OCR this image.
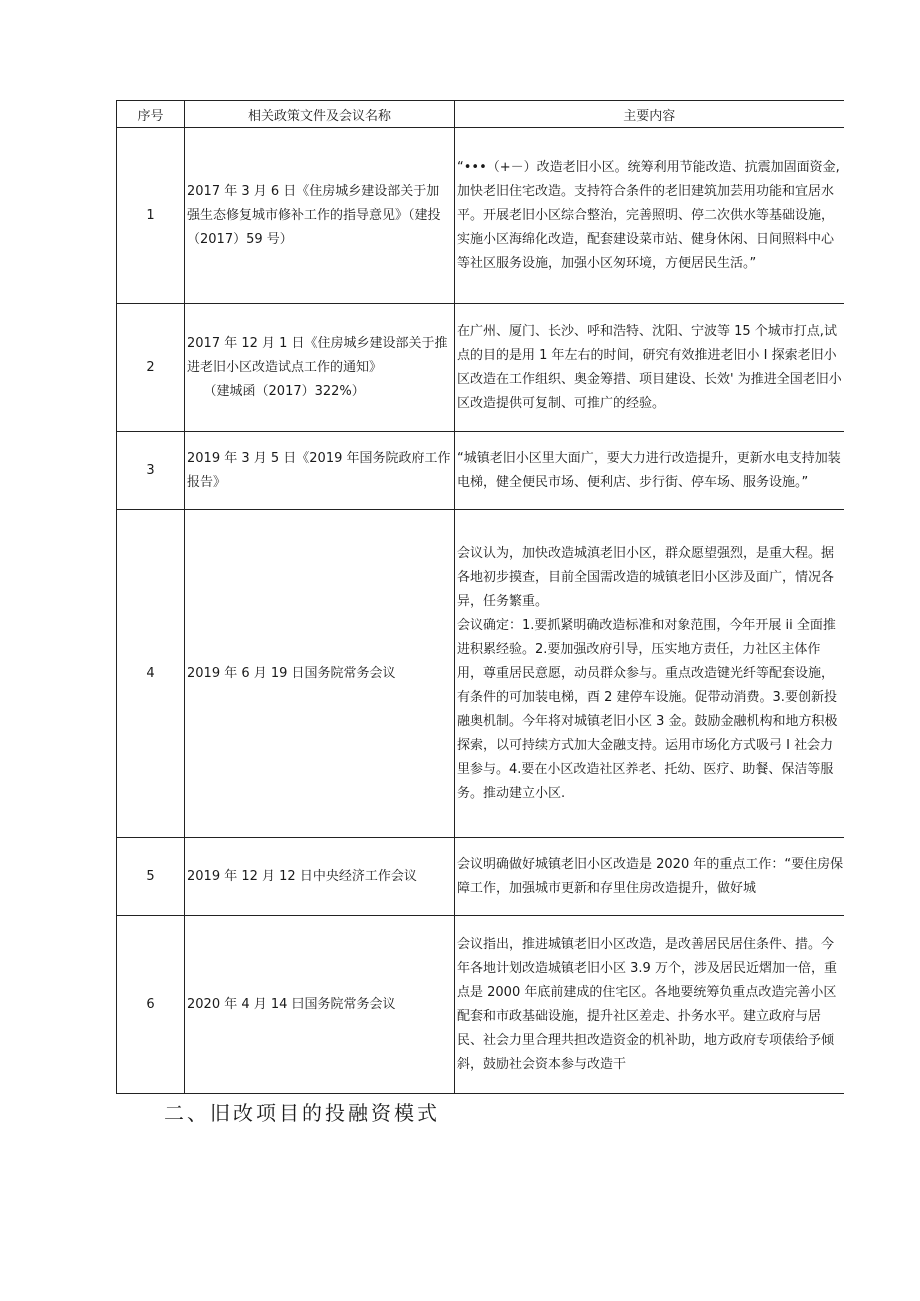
序号	相关政策文件及会议名称	主要内容
1	2017 年 3 月 6 日《住房城乡建设部关于加强生态修复城市修补工作的指导意见》（建投（2017）59 号）	“•••（+－）改造老旧小区。统筹利用节能改造、抗震加固面资金,加快老旧住宅改造。支持符合条件的老旧建筑加芸用功能和宜居水平。开展老旧小区综合整治，完善照明、停二次供水等基础设施，实施小区海绵化改造，配套建设菜市站、健身休闲、日间照料中心等社区服务设施，加强小区匆环境，方便居民生活。”

2	2017 年 12 月 1 日《住房城乡建设部关于推进老旧小区改造试点工作的通知》
（建城函（2017）322%）	在广州、厦门、长沙、呼和浩特、沈阳、宁波等 15 个城市打点,试点的目的是用 1 年左右的时间，研究有效推进老旧小 I 探索老旧小区改造在工作组织、奥金筹措、项目建设、长效' 为推进全国老旧小区改造提供可复制、可推广的经验。

3	2019 年 3 月 5 日《2019 年国务院政府工作报告》	“城镇老旧小区里大面广，要大力进行改造提升，更新水电支持加装电梯，健全便民市场、便利店、步行街、停车场、服务设施。”

4	2019 年 6 月 19 日国务院常务会议	会议认为，加快改造城滇老旧小区，群众愿望强烈，是重大程。据各地初步摸查，目前全国需改造的城镇老旧小区涉及面广，情况各异，任务繁重。
会议确定：1.要抓紧明确改造标准和对象范围，今年开展 ii 全面推进积累经验。2.要加强改府引导，压实地方责任，力社区主体作用，尊重居民意愿，动员群众参与。重点改造键光纤等配套设施，有条件的可加装电梯，酉 2 建停车设施。促带动消费。3.要创新投融奥机制。今年将对城镇老旧小区 3 金。鼓励金融机构和地方积极探索，以可持续方式加大金融支持。运用市场化方式吸弓 I 社会力里参与。4.要在小区改造社区养老、托幼、医疗、助餐、保洁等服务。推动建立小区.

5	2019 年 12 月 12 日中央经济工作会议	会议明确做好城镇老旧小区改造是 2020 年的重点工作：“要住房保障工作，加强城市更新和存里住房改造提升，做好城

6	2020 年 4 月 14 曰国务院常务会议	会议指出，推进城镇老旧小区改造，是改善居民居住条件、措。今年各地计划改造城镇老旧小区 3.9 万个，涉及居民近熠加一倍，重点是 2000 年底前建成的住宅区。各地要统筹负重点改造完善小区配套和市政基础设施，提升社区差走、扑务水平。建立政府与居民、社会力里合理共担改造资金的机补助，地方政府专项俵给予倾斜，鼓励社会资本参与改造干
二、旧改项目的投融资模式
